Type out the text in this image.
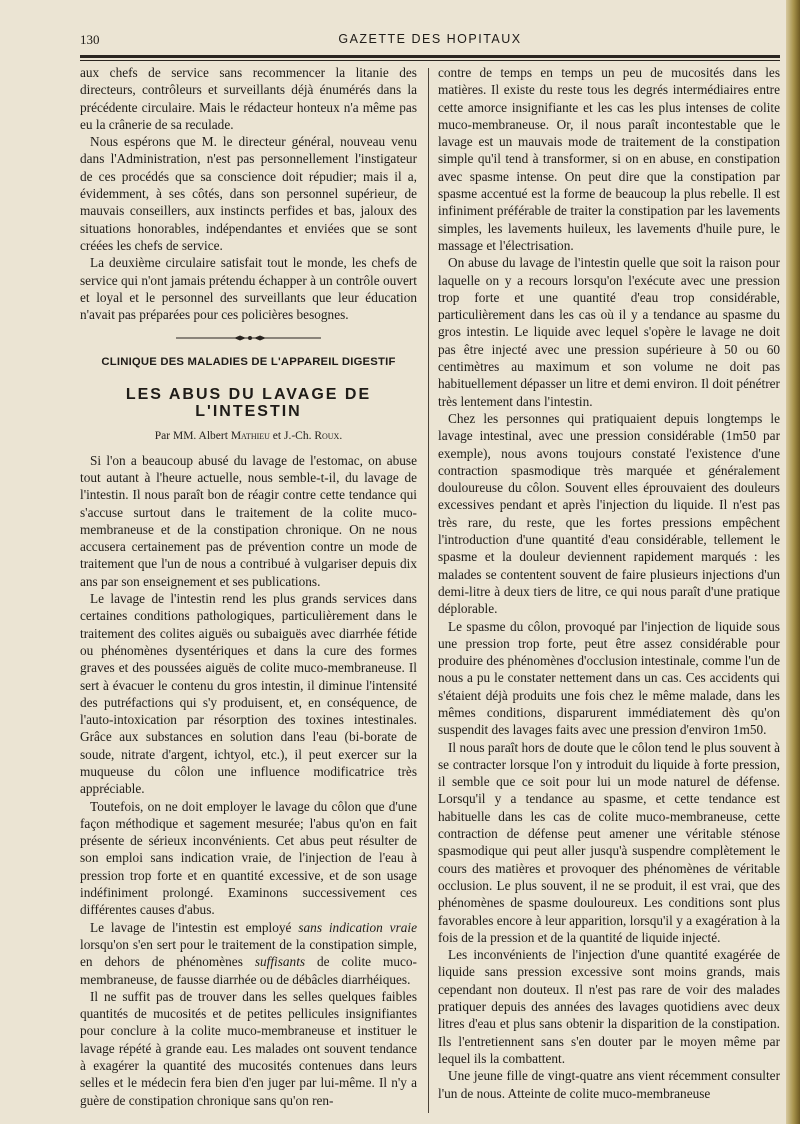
130	GAZETTE DES HOPITAUX

aux chefs de service sans recommencer la litanie des directeurs, contrôleurs et surveillants déjà énumérés dans la précédente circulaire. Mais le rédacteur honteux n'a même pas eu la crânerie de sa reculade.

Nous espérons que M. le directeur général, nouveau venu dans l'Administration, n'est pas personnellement l'instigateur de ces procédés que sa conscience doit répudier; mais il a, évidemment, à ses côtés, dans son personnel supérieur, de mauvais conseillers, aux instincts perfides et bas, jaloux des situations honorables, indépendantes et enviées que se sont créées les chefs de service.

La deuxième circulaire satisfait tout le monde, les chefs de service qui n'ont jamais prétendu échapper à un contrôle ouvert et loyal et le personnel des surveillants que leur éducation n'avait pas préparées pour ces policières besognes.

CLINIQUE DES MALADIES DE L'APPAREIL DIGESTIF
LES ABUS DU LAVAGE DE L'INTESTIN
Par MM. Albert Mathieu et J.-Ch. Roux.

Si l'on a beaucoup abusé du lavage de l'estomac, on abuse tout autant à l'heure actuelle, nous semble-t-il, du lavage de l'intestin. Il nous paraît bon de réagir contre cette tendance qui s'accuse surtout dans le traitement de la colite muco-membraneuse et de la constipation chronique. On ne nous accusera certainement pas de prévention contre un mode de traitement que l'un de nous a contribué à vulgariser depuis dix ans par son enseignement et ses publications.

Le lavage de l'intestin rend les plus grands services dans certaines conditions pathologiques, particulièrement dans le traitement des colites aiguës ou subaiguës avec diarrhée fétide ou phénomènes dysentériques et dans la cure des formes graves et des poussées aiguës de colite muco-membraneuse. Il sert à évacuer le contenu du gros intestin, il diminue l'intensité des putréfactions qui s'y produisent, et, en conséquence, de l'auto-intoxication par résorption des toxines intestinales. Grâce aux substances en solution dans l'eau (bi-borate de soude, nitrate d'argent, ichtyol, etc.), il peut exercer sur la muqueuse du côlon une influence modificatrice très appréciable.

Toutefois, on ne doit employer le lavage du côlon que d'une façon méthodique et sagement mesurée; l'abus qu'on en fait présente de sérieux inconvénients. Cet abus peut résulter de son emploi sans indication vraie, de l'injection de l'eau à pression trop forte et en quantité excessive, et de son usage indéfiniment prolongé. Examinons successivement ces différentes causes d'abus.

Le lavage de l'intestin est employé sans indication vraie lorsqu'on s'en sert pour le traitement de la constipation simple, en dehors de phénomènes suffisants de colite muco-membraneuse, de fausse diarrhée ou de débâcles diarrhéiques.

Il ne suffit pas de trouver dans les selles quelques faibles quantités de mucosités et de petites pellicules insignifiantes pour conclure à la colite muco-membraneuse et instituer le lavage répété à grande eau. Les malades ont souvent tendance à exagérer la quantité des mucosités contenues dans leurs selles et le médecin fera bien d'en juger par lui-même. Il n'y a guère de constipation chronique sans qu'on ren-

contre de temps en temps un peu de mucosités dans les matières. Il existe du reste tous les degrés intermédiaires entre cette amorce insignifiante et les cas les plus intenses de colite muco-membraneuse. Or, il nous paraît incontestable que le lavage est un mauvais mode de traitement de la constipation simple qu'il tend à transformer, si on en abuse, en constipation avec spasme intense. On peut dire que la constipation par spasme accentué est la forme de beaucoup la plus rebelle. Il est infiniment préférable de traiter la constipation par les lavements simples, les lavements huileux, les lavements d'huile pure, le massage et l'électrisation.

On abuse du lavage de l'intestin quelle que soit la raison pour laquelle on y a recours lorsqu'on l'exécute avec une pression trop forte et une quantité d'eau trop considérable, particulièrement dans les cas où il y a tendance au spasme du gros intestin. Le liquide avec lequel s'opère le lavage ne doit pas être injecté avec une pression supérieure à 50 ou 60 centimètres au maximum et son volume ne doit pas habituellement dépasser un litre et demi environ. Il doit pénétrer très lentement dans l'intestin.

Chez les personnes qui pratiquaient depuis longtemps le lavage intestinal, avec une pression considérable (1m50 par exemple), nous avons toujours constaté l'existence d'une contraction spasmodique très marquée et généralement douloureuse du côlon. Souvent elles éprouvaient des douleurs excessives pendant et après l'injection du liquide. Il n'est pas très rare, du reste, que les fortes pressions empêchent l'introduction d'une quantité d'eau considérable, tellement le spasme et la douleur deviennent rapidement marqués : les malades se contentent souvent de faire plusieurs injections d'un demi-litre à deux tiers de litre, ce qui nous paraît d'une pratique déplorable.

Le spasme du côlon, provoqué par l'injection de liquide sous une pression trop forte, peut être assez considérable pour produire des phénomènes d'occlusion intestinale, comme l'un de nous a pu le constater nettement dans un cas. Ces accidents qui s'étaient déjà produits une fois chez le même malade, dans les mêmes conditions, disparurent immédiatement dès qu'on suspendit des lavages faits avec une pression d'environ 1m50.

Il nous paraît hors de doute que le côlon tend le plus souvent à se contracter lorsque l'on y introduit du liquide à forte pression, il semble que ce soit pour lui un mode naturel de défense. Lorsqu'il y a tendance au spasme, et cette tendance est habituelle dans les cas de colite muco-membraneuse, cette contraction de défense peut amener une véritable sténose spasmodique qui peut aller jusqu'à suspendre complètement le cours des matières et provoquer des phénomènes de véritable occlusion. Le plus souvent, il ne se produit, il est vrai, que des phénomènes de spasme douloureux. Les conditions sont plus favorables encore à leur apparition, lorsqu'il y a exagération à la fois de la pression et de la quantité de liquide injecté.

Les inconvénients de l'injection d'une quantité exagérée de liquide sans pression excessive sont moins grands, mais cependant non douteux. Il n'est pas rare de voir des malades pratiquer depuis des années des lavages quotidiens avec deux litres d'eau et plus sans obtenir la disparition de la constipation. Ils l'entretiennent sans s'en douter par le moyen même par lequel ils la combattent.

Une jeune fille de vingt-quatre ans vient récemment consulter l'un de nous. Atteinte de colite muco-membraneuse
